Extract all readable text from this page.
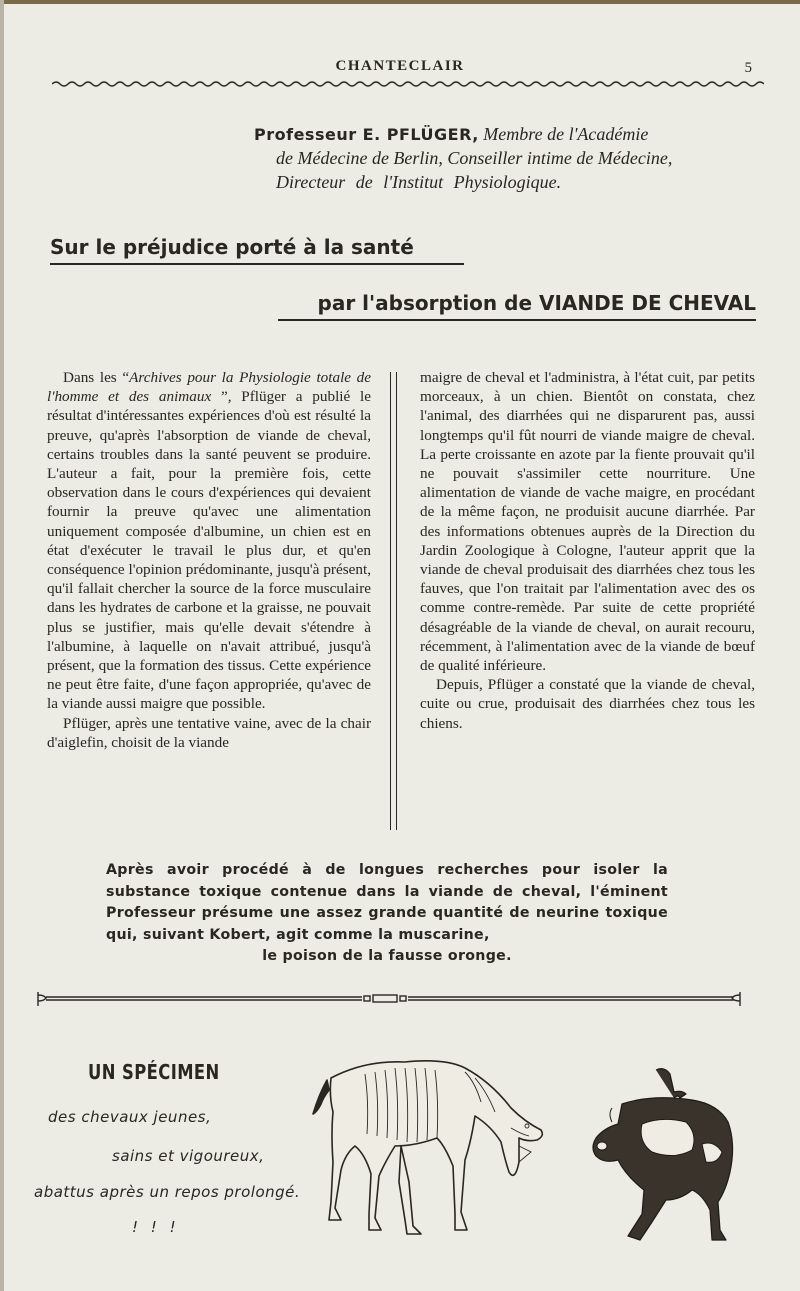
CHANTECLAIR	5
Professeur E. PFLÜGER, Membre de l'Académie
de Médecine de Berlin, Conseiller intime de Médecine,
Directeur de l'Institut Physiologique.
Sur le préjudice porté à la santé
par l'absorption de VIANDE DE CHEVAL

Dans les “Archives pour la Physiologie totale de l'homme et des animaux ”, Pflüger a publié le résultat d'intéressantes expériences d'où est résulté la preuve, qu'après l'absorption de viande de cheval, certains troubles dans la santé peuvent se produire. L'auteur a fait, pour la première fois, cette observation dans le cours d'expériences qui devaient fournir la preuve qu'avec une alimentation uniquement composée d'albumine, un chien est en état d'exécuter le travail le plus dur, et qu'en conséquence l'opinion prédominante, jusqu'à présent, qu'il fallait chercher la source de la force musculaire dans les hydrates de carbone et la graisse, ne pouvait plus se justifier, mais qu'elle devait s'étendre à l'albumine, à laquelle on n'avait attribué, jusqu'à présent, que la formation des tissus. Cette expérience ne peut être faite, d'une façon appropriée, qu'avec de la viande aussi maigre que possible.

Pflüger, après une tentative vaine, avec de la chair d'aiglefin, choisit de la viande

maigre de cheval et l'administra, à l'état cuit, par petits morceaux, à un chien. Bientôt on constata, chez l'animal, des diarrhées qui ne disparurent pas, aussi longtemps qu'il fût nourri de viande maigre de cheval. La perte croissante en azote par la fiente prouvait qu'il ne pouvait s'assimiler cette nourriture. Une alimentation de viande de vache maigre, en procédant de la même façon, ne produisit aucune diarrhée. Par des informations obtenues auprès de la Direction du Jardin Zoologique à Cologne, l'auteur apprit que la viande de cheval produisait des diarrhées chez tous les fauves, que l'on traitait par l'alimentation avec des os comme contre-remède. Par suite de cette propriété désagréable de la viande de cheval, on aurait recouru, récemment, à l'alimentation avec de la viande de bœuf de qualité inférieure.

Depuis, Pflüger a constaté que la viande de cheval, cuite ou crue, produisait des diarrhées chez tous les chiens.

Après avoir procédé à de longues recherches pour isoler la substance toxique contenue dans la viande de cheval, l'éminent Professeur présume une assez grande quantité de neurine toxique qui, suivant Kobert, agit comme la muscarine,
le poison de la fausse oronge.
UN SPÉCIMEN
des chevaux jeunes,
sains et vigoureux,
abattus après un repos prolongé.
! ! !
